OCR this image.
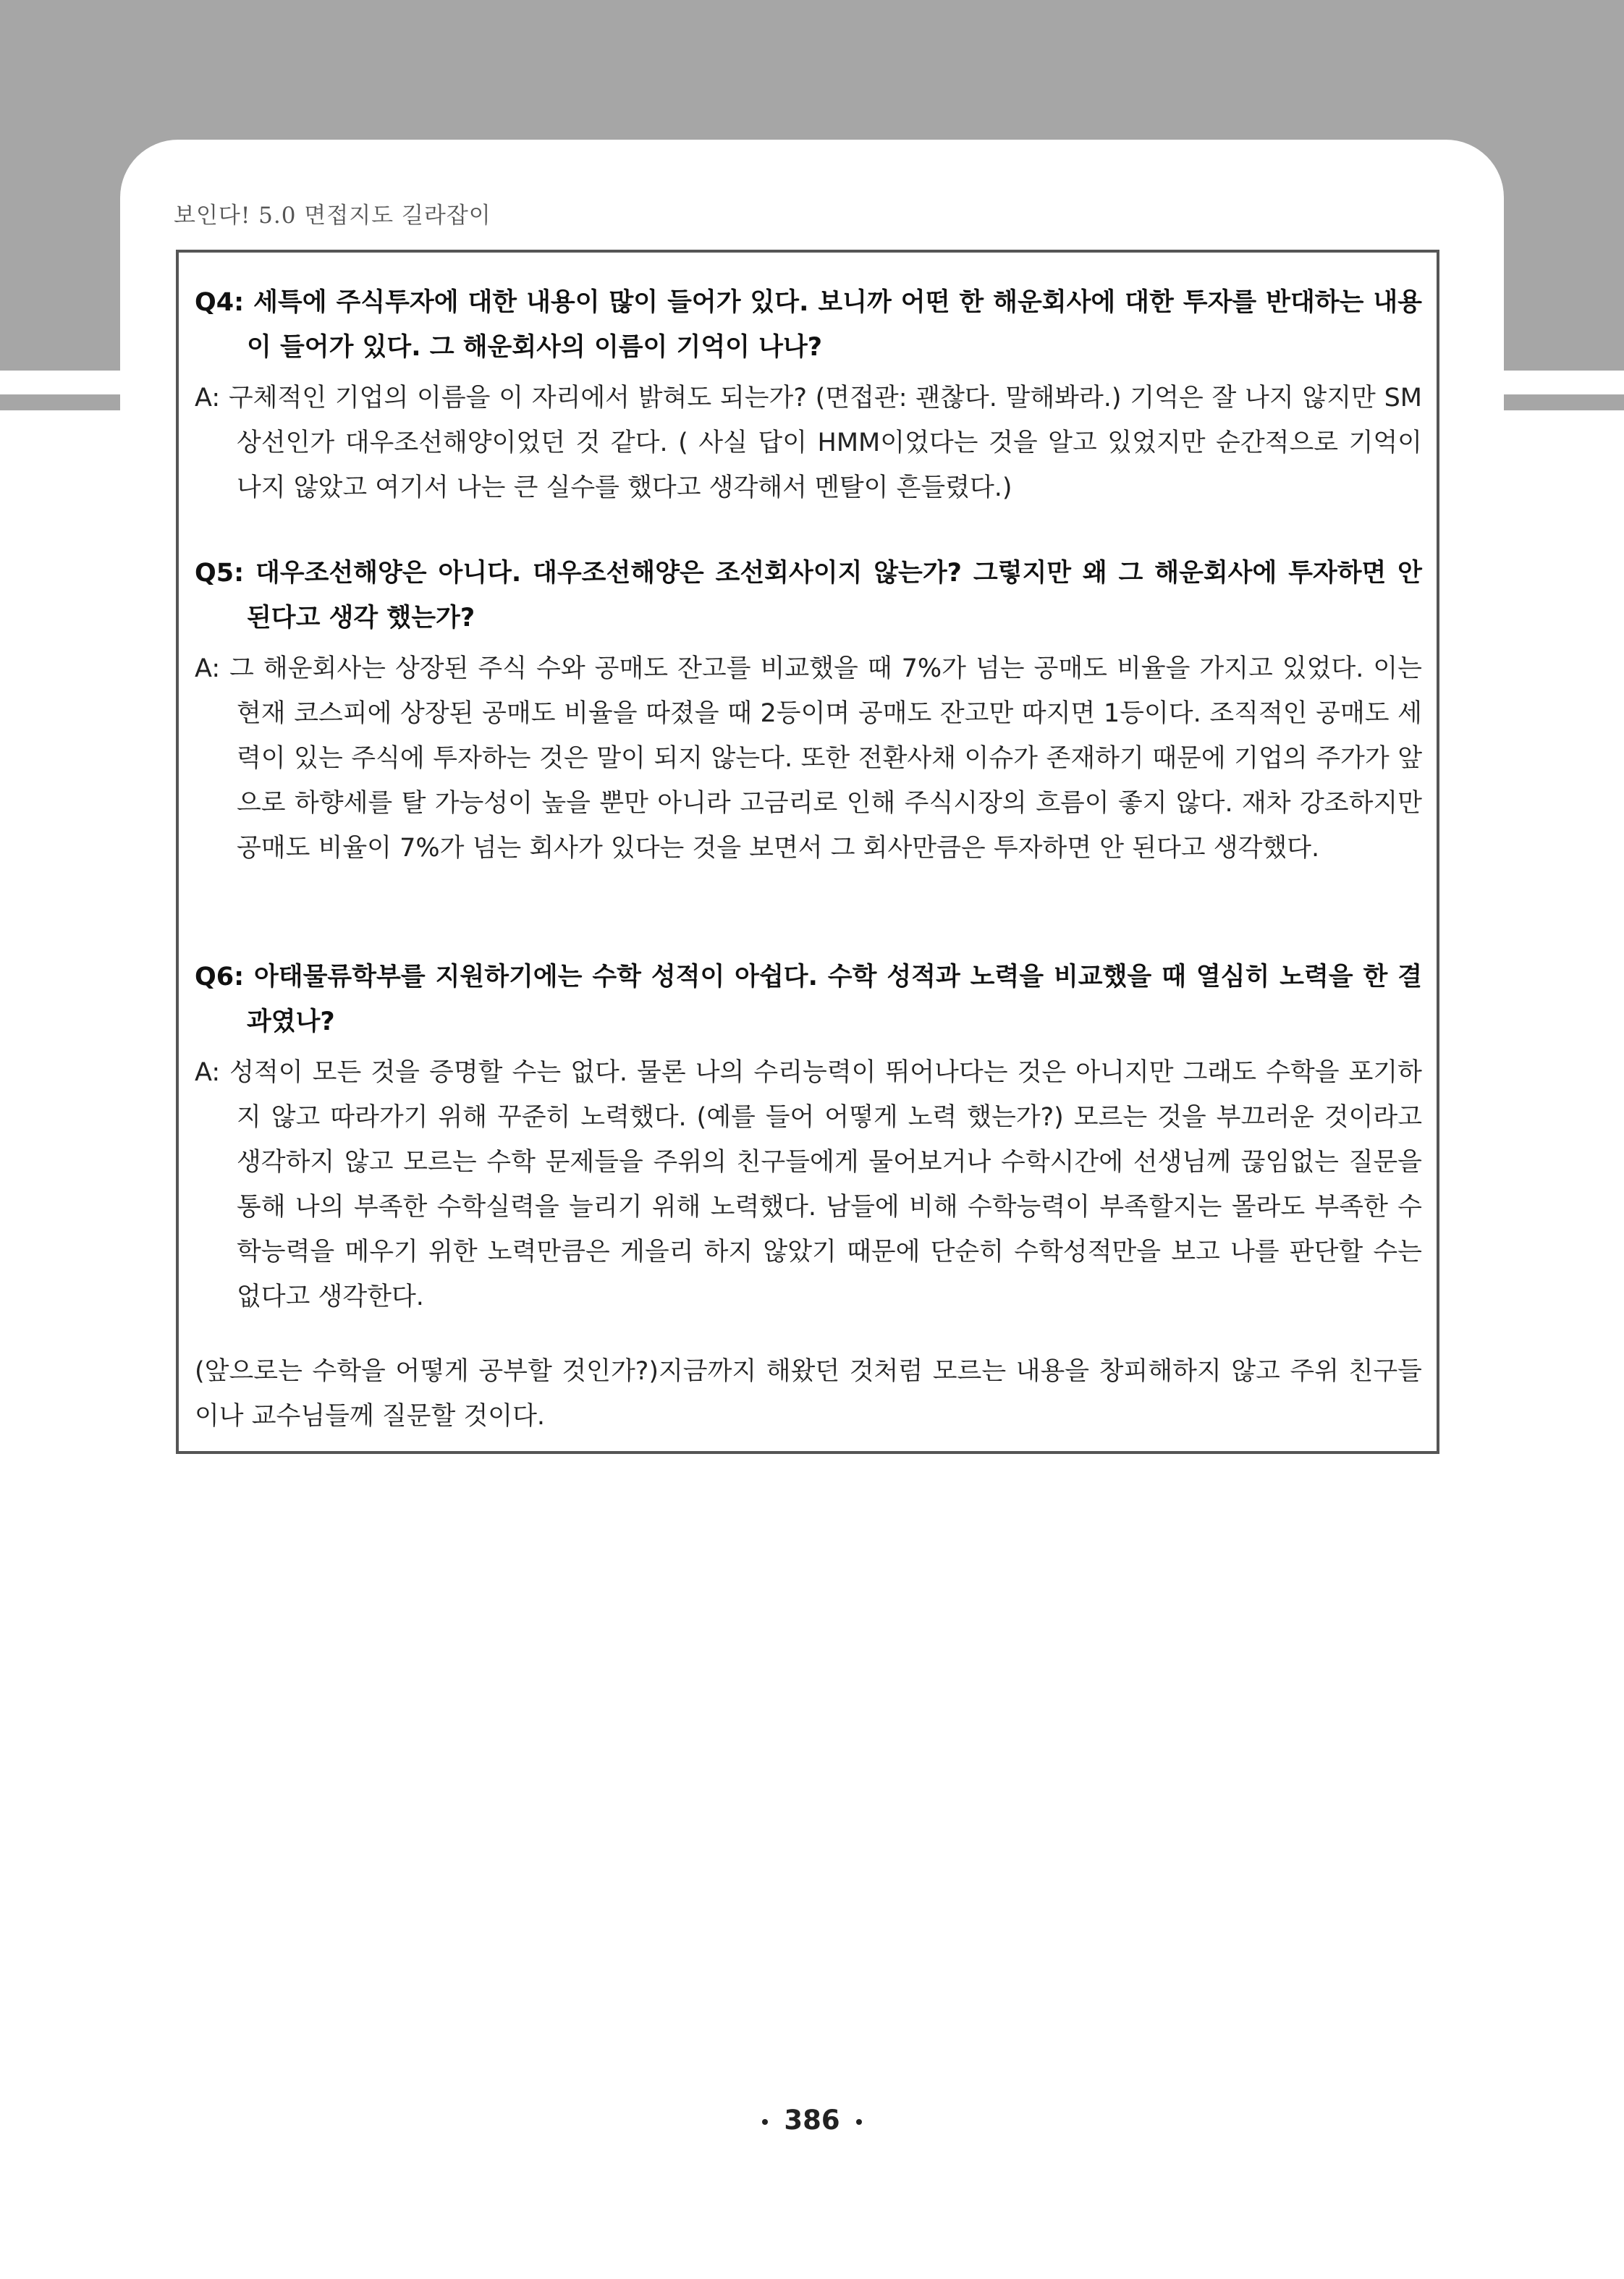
보인다! 5.0 면접지도 길라잡이
Q4: 세특에 주식투자에 대한 내용이 많이 들어가 있다. 보니까 어떤 한 해운회사에 대한 투자를 반대하는 내용이 들어가 있다. 그 해운회사의 이름이 기억이 나나?
A: 구체적인 기업의 이름을 이 자리에서 밝혀도 되는가? (면접관: 괜찮다. 말해봐라.) 기억은 잘 나지 않지만 SM상선인가 대우조선해양이었던 것 같다. ( 사실 답이 HMM이었다는 것을 알고 있었지만 순간적으로 기억이 나지 않았고 여기서 나는 큰 실수를 했다고 생각해서 멘탈이 흔들렸다.)
Q5: 대우조선해양은 아니다. 대우조선해양은 조선회사이지 않는가? 그렇지만 왜 그 해운회사에 투자하면 안 된다고 생각 했는가?
A: 그 해운회사는 상장된 주식 수와 공매도 잔고를 비교했을 때 7%가 넘는 공매도 비율을 가지고 있었다. 이는 현재 코스피에 상장된 공매도 비율을 따졌을 때 2등이며 공매도 잔고만 따지면 1등이다. 조직적인 공매도 세력이 있는 주식에 투자하는 것은 말이 되지 않는다. 또한 전환사채 이슈가 존재하기 때문에 기업의 주가가 앞으로 하향세를 탈 가능성이 높을 뿐만 아니라 고금리로 인해 주식시장의 흐름이 좋지 않다. 재차 강조하지만 공매도 비율이 7%가 넘는 회사가 있다는 것을 보면서 그 회사만큼은 투자하면 안 된다고 생각했다.
Q6: 아태물류학부를 지원하기에는 수학 성적이 아쉽다. 수학 성적과 노력을 비교했을 때 열심히 노력을 한 결과였나?
A: 성적이 모든 것을 증명할 수는 없다. 물론 나의 수리능력이 뛰어나다는 것은 아니지만 그래도 수학을 포기하지 않고 따라가기 위해 꾸준히 노력했다. (예를 들어 어떻게 노력 했는가?) 모르는 것을 부끄러운 것이라고 생각하지 않고 모르는 수학 문제들을 주위의 친구들에게 물어보거나 수학시간에 선생님께 끊임없는 질문을 통해 나의 부족한 수학실력을 늘리기 위해 노력했다. 남들에 비해 수학능력이 부족할지는 몰라도 부족한 수학능력을 메우기 위한 노력만큼은 게을리 하지 않았기 때문에 단순히 수학성적만을 보고 나를 판단할 수는 없다고 생각한다.
(앞으로는 수학을 어떻게 공부할 것인가?)지금까지 해왔던 것처럼 모르는 내용을 창피해하지 않고 주위 친구들이나 교수님들께 질문할 것이다.
386
